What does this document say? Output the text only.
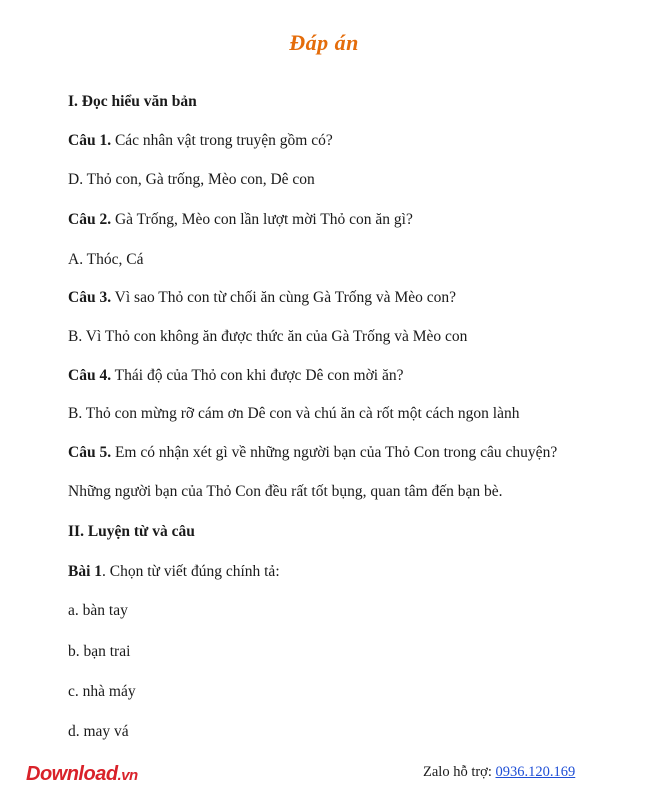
Đáp án
I. Đọc hiểu văn bản
Câu 1. Các nhân vật trong truyện gồm có?
D. Thỏ con, Gà trống, Mèo con, Dê con
Câu 2. Gà Trống, Mèo con lần lượt mời Thỏ con ăn gì?
A. Thóc, Cá
Câu 3. Vì sao Thỏ con từ chối ăn cùng Gà Trống và Mèo con?
B. Vì Thỏ con không ăn được thức ăn của Gà Trống và Mèo con
Câu 4. Thái độ của Thỏ con khi được Dê con mời ăn?
B. Thỏ con mừng rỡ cám ơn Dê con và chú ăn cà rốt một cách ngon lành
Câu 5. Em có nhận xét gì về những người bạn của Thỏ Con trong câu chuyện?
Những người bạn của Thỏ Con đều rất tốt bụng, quan tâm đến bạn bè.
II. Luyện từ và câu
Bài 1. Chọn từ viết đúng chính tả:
a. bàn tay
b. bạn trai
c. nhà máy
d. may vá
Download.vn	Zalo hỗ trợ: 0936.120.169
